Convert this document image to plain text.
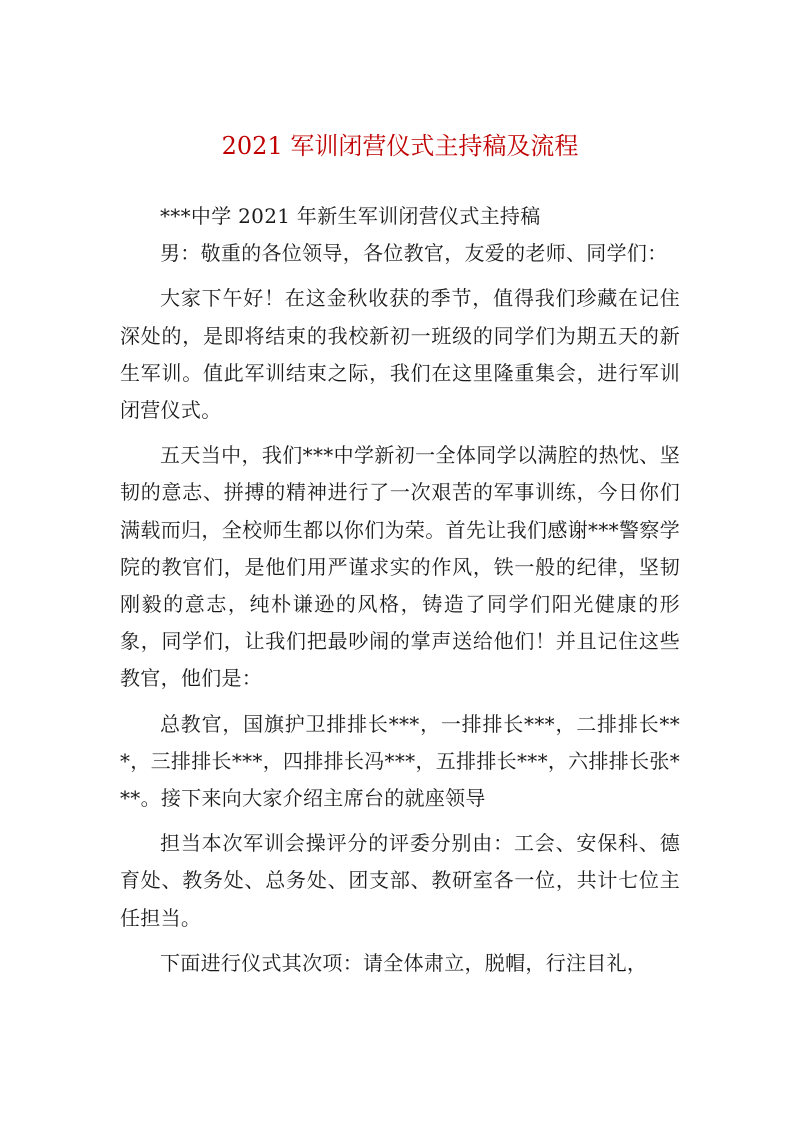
2021 军训闭营仪式主持稿及流程

***中学 2021 年新生军训闭营仪式主持稿

男：敬重的各位领导，各位教官，友爱的老师、同学们：

大家下午好！在这金秋收获的季节，值得我们珍藏在记住深处的，是即将结束的我校新初一班级的同学们为期五天的新生军训。值此军训结束之际，我们在这里隆重集会，进行军训闭营仪式。

五天当中，我们***中学新初一全体同学以满腔的热忱、坚韧的意志、拼搏的精神进行了一次艰苦的军事训练，今日你们满载而归，全校师生都以你们为荣。首先让我们感谢***警察学院的教官们，是他们用严谨求实的作风，铁一般的纪律，坚韧刚毅的意志，纯朴谦逊的风格，铸造了同学们阳光健康的形象，同学们，让我们把最吵闹的掌声送给他们！并且记住这些教官，他们是：

总教官，国旗护卫排排长***，一排排长***，二排排长***，三排排长***，四排排长冯***，五排排长***，六排排长张***。接下来向大家介绍主席台的就座领导

担当本次军训会操评分的评委分别由：工会、安保科、德育处、教务处、总务处、团支部、教研室各一位，共计七位主任担当。

下面进行仪式其次项：请全体肃立，脱帽，行注目礼，
